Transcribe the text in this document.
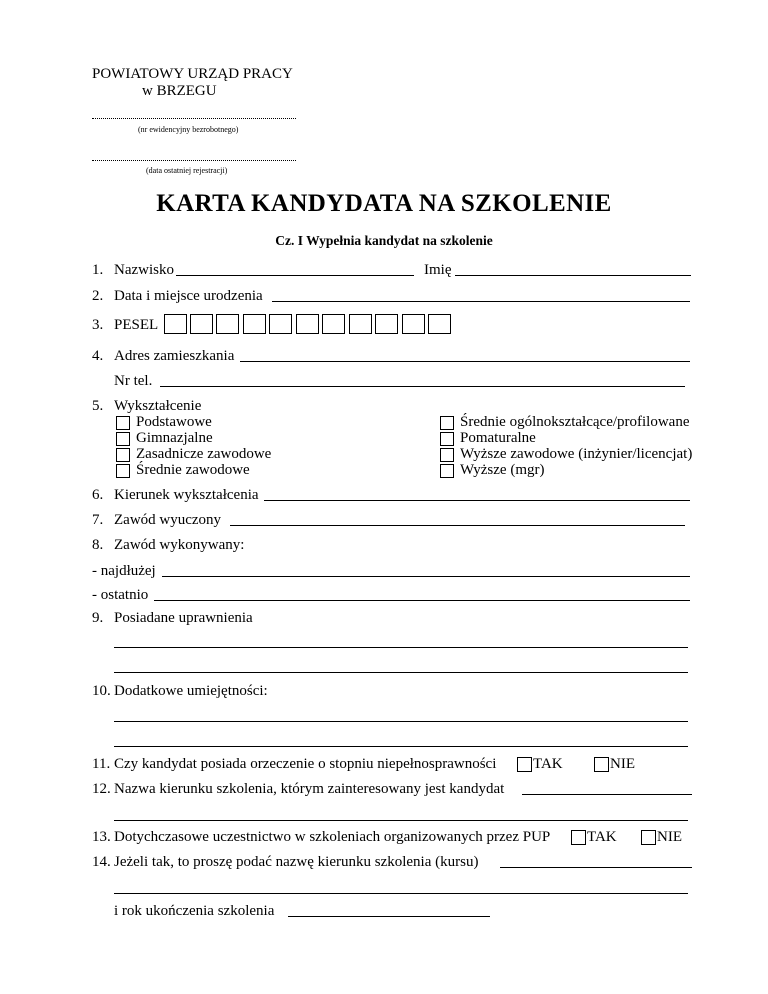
POWIATOWY URZĄD PRACY
w BRZEGU
(nr ewidencyjny bezrobotnego)
(data ostatniej rejestracji)
KARTA KANDYDATA NA SZKOLENIE
Cz. I Wypełnia kandydat na szkolenie
1. Nazwisko	Imię
2. Data i miejsce urodzenia
3. PESEL
4. Adres zamieszkania
Nr tel.
5. Wykształcenie
Podstawowe
Gimnazjalne
Zasadnicze zawodowe
Średnie zawodowe
Średnie ogólnokształcące/profilowane
Pomaturalne
Wyższe zawodowe (inżynier/licencjat)
Wyższe (mgr)
6. Kierunek wykształcenia
7. Zawód wyuczony
8. Zawód wykonywany:
- najdłużej
- ostatnio
9. Posiadane uprawnienia
10. Dodatkowe umiejętności:
11. Czy kandydat posiada orzeczenie o stopniu niepełnosprawności TAK	NIE
12. Nazwa kierunku szkolenia, którym zainteresowany jest kandydat
13. Dotychczasowe uczestnictwo w szkoleniach organizowanych przez PUP TAK	NIE
14. Jeżeli tak, to proszę podać nazwę kierunku szkolenia (kursu)
i rok ukończenia szkolenia
